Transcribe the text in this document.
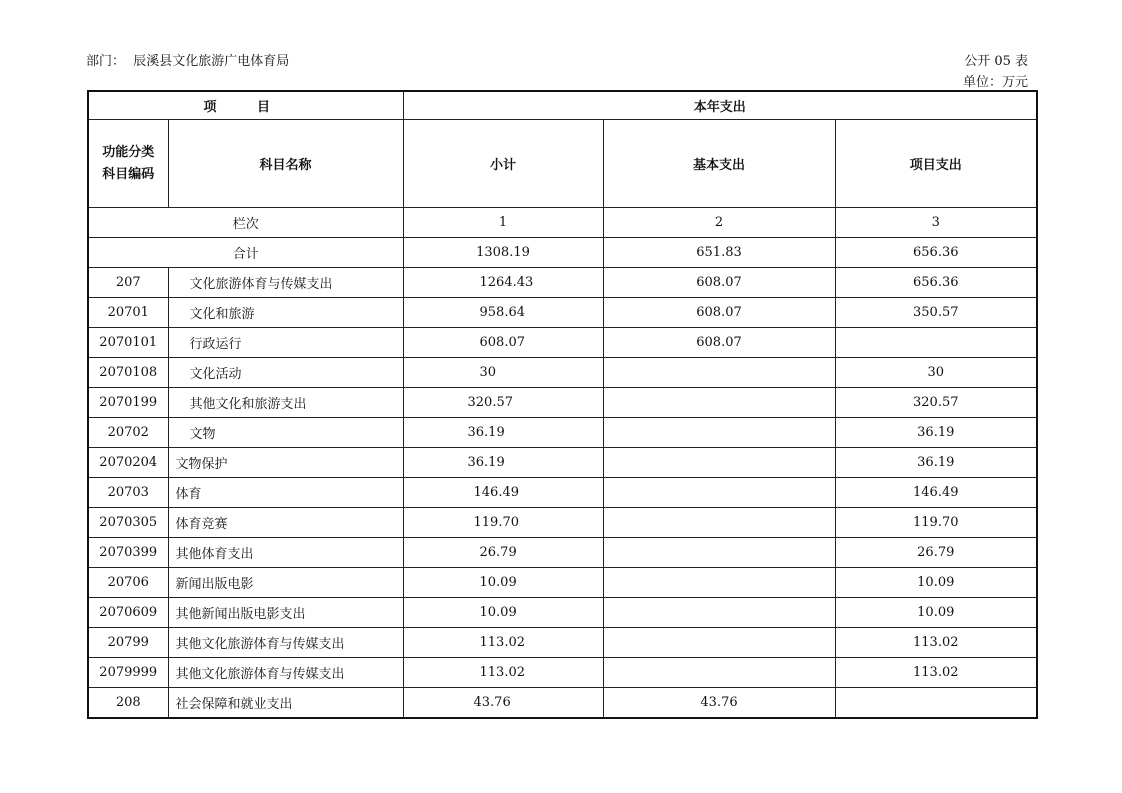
部门： 辰溪县文化旅游广电体育局	公开 05 表
单位：万元
项 目		本年支出		

功能分类
科目编码	科目名称	小计	基本支出	项目支出
栏次		1	2	3
合计		1308.19	651.83	656.36
207	文化旅游体育与传媒支出	1264.43	608.07	656.36
20701	文化和旅游	958.64	608.07	350.57
2070101	行政运行	608.07	608.07	
2070108	文化活动	30		30
2070199	其他文化和旅游支出	320.57		320.57
20702	文物	36.19		36.19
2070204	文物保护	36.19		36.19
20703	体育	146.49		146.49
2070305	体育竞赛	119.70		119.70
2070399	其他体育支出	26.79		26.79
20706	新闻出版电影	10.09		10.09
2070609	其他新闻出版电影支出	10.09		10.09
20799	其他文化旅游体育与传媒支出	113.02		113.02
2079999	其他文化旅游体育与传媒支出	113.02		113.02
208	社会保障和就业支出	43.76	43.76	
